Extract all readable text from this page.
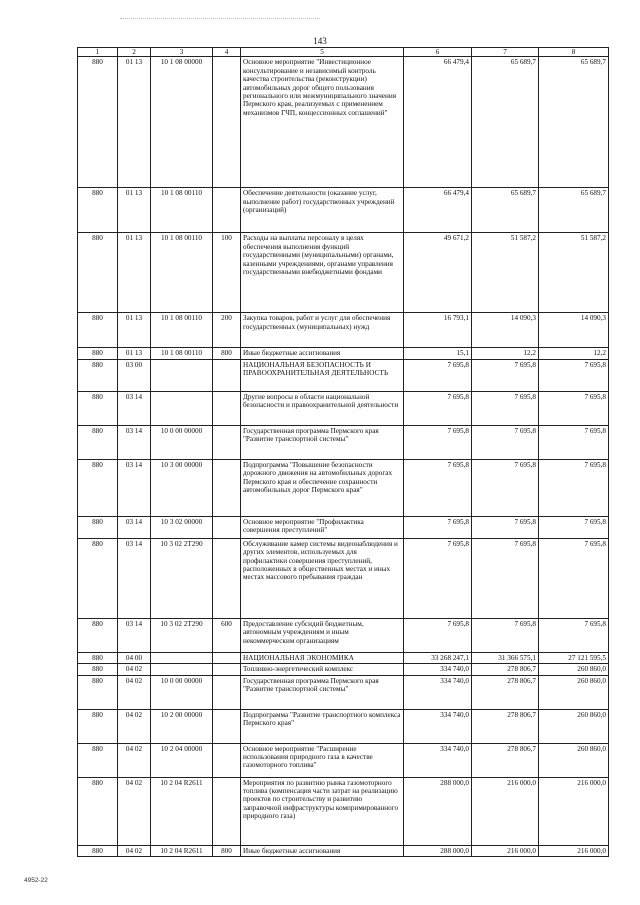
143
1	2	3	4	5	6	7	8
880	01 13	10 1 08 00000		Основное мероприятие "Инвестиционное консультирование и независимый контроль качества строительства (реконструкции) автомобильных дорог общего пользования регионального или межмуниципального значения Пермского края, реализуемых с применением механизмов ГЧП, концессионных соглашений"	66 479,4	65 689,7	65 689,7
880	01 13	10 1 08 00110		Обеспечение деятельности (оказание услуг, выполнение работ) государственных учреждений (организаций)	66 479,4	65 689,7	65 689,7
880	01 13	10 1 08 00110	100	Расходы на выплаты персоналу в целях обеспечения выполнения функций государственными (муниципальными) органами, казенными учреждениями, органами управления государственными внебюджетными фондами	49 671,2	51 587,2	51 587,2
880	01 13	10 1 08 00110	200	Закупка товаров, работ и услуг для обеспечения государственных (муниципальных) нужд	16 793,1	14 090,3	14 090,3
880	01 13	10 1 08 00110	800	Иные бюджетные ассигнования	15,1	12,2	12,2
880	03 00			НАЦИОНАЛЬНАЯ БЕЗОПАСНОСТЬ И ПРАВООХРАНИТЕЛЬНАЯ ДЕЯТЕЛЬНОСТЬ	7 695,8	7 695,8	7 695,8
880	03 14			Другие вопросы в области национальной безопасности и правоохранительной деятельности	7 695,8	7 695,8	7 695,8
880	03 14	10 0 00 00000		Государственная программа Пермского края "Развитие транспортной системы"	7 695,8	7 695,8	7 695,8
880	03 14	10 3 00 00000		Подпрограмма "Повышение безопасности дорожного движения на автомобильных дорогах Пермского края и обеспечение сохранности автомобильных дорог Пермского края"	7 695,8	7 695,8	7 695,8
880	03 14	10 3 02 00000		Основное мероприятие "Профилактика совершения преступлений"	7 695,8	7 695,8	7 695,8
880	03 14	10 3 02 2Т290		Обслуживание камер системы видеонаблюдения и других элементов, используемых для профилактики совершения преступлений, расположенных в общественных местах и иных местах массового пребывания граждан	7 695,8	7 695,8	7 695,8
880	03 14	10 3 02 2Т290	600	Предоставление субсидий бюджетным, автономным учреждениям и иным некоммерческим организациям	7 695,8	7 695,8	7 695,8
880	04 00			НАЦИОНАЛЬНАЯ ЭКОНОМИКА	33 268 247,1	31 366 575,1	27 121 595,5
880	04 02			Топливно-энергетический комплекс	334 740,0	278 806,7	260 860,0
880	04 02	10 0 00 00000		Государственная программа Пермского края "Развитие транспортной системы"	334 740,0	278 806,7	260 860,0
880	04 02	10 2 00 00000		Подпрограмма "Развитие транспортного комплекса Пермского края"	334 740,0	278 806,7	260 860,0
880	04 02	10 2 04 00000		Основное мероприятие "Расширение использования природного газа в качестве газомоторного топлива"	334 740,0	278 806,7	260 860,0
880	04 02	10 2 04 R2611		Мероприятия по развитию рынка газомоторного топлива (компенсация части затрат на реализацию проектов по строительству и развитию заправочной инфраструктуры компримированного природного газа)	288 000,0	216 000,0	216 000,0
880	04 02	10 2 04 R2611	800	Иные бюджетные ассигнования	288 000,0	216 000,0	216 000,0
4952-22
